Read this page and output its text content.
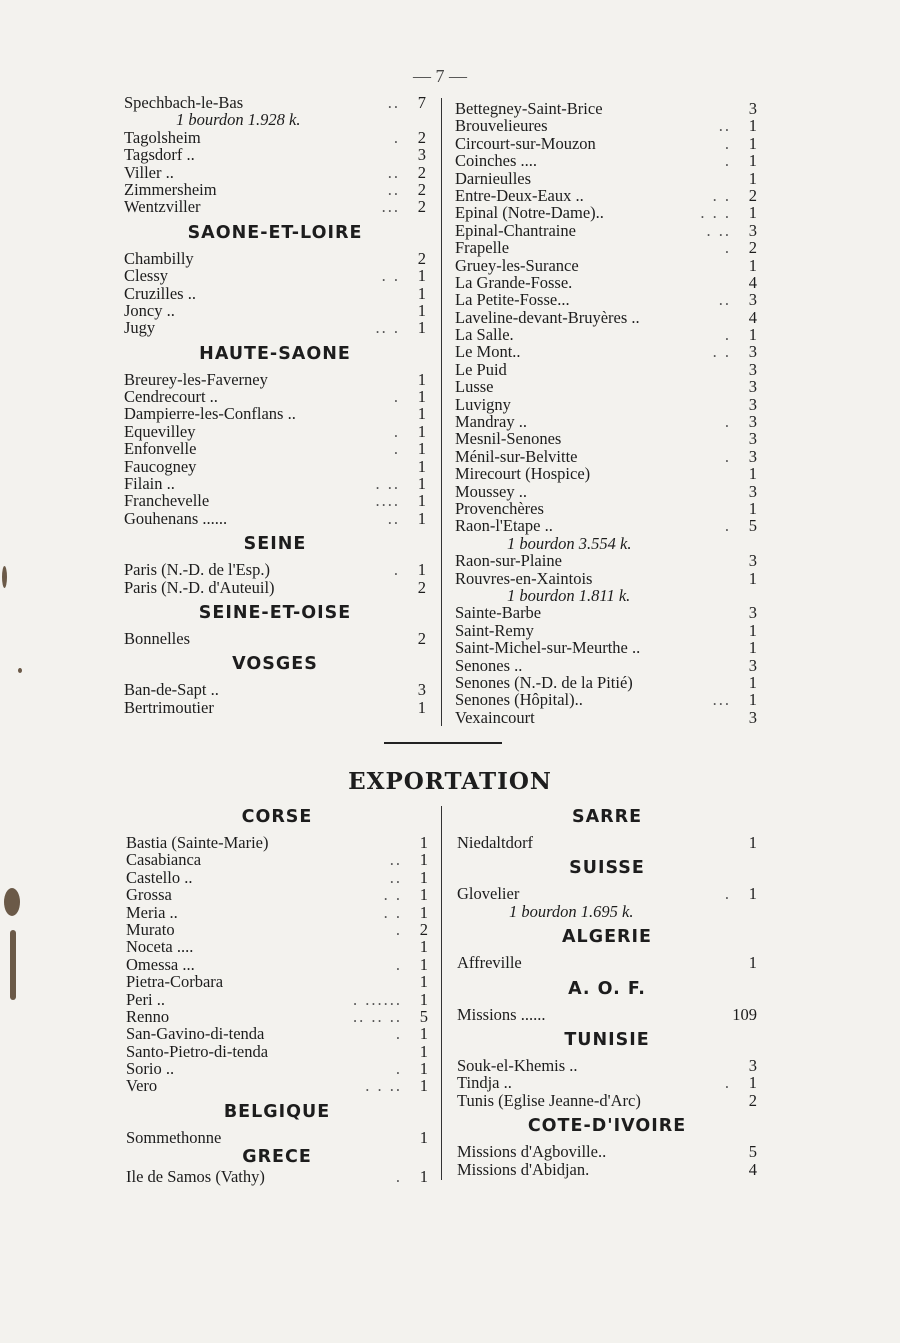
— 7 —
Spechbach-le-Bas	.. 7
1 bourdon 1.928 k.
Tagolsheim	. 2
Tagsdorf ..	3
Viller ..	.. 2
Zimmersheim	.. 2
Wentzviller	... 2
SAONE-ET-LOIRE
Chambilly	2
Clessy	. . 1
Cruzilles ..	1
Joncy ..	1
Jugy	.. . 1
HAUTE-SAONE
Breurey-les-Faverney	1
Cendrecourt ..	. 1
Dampierre-les-Conflans ..	1
Equevilley	. 1
Enfonvelle	. 1
Faucogney	1
Filain ..	. .. 1
Franchevelle	.... 1
Gouhenans ......	.. 1
SEINE
Paris (N.-D. de l'Esp.)	. 1
Paris (N.-D. d'Auteuil)	2
SEINE-ET-OISE
Bonnelles	2
VOSGES
Ban-de-Sapt ..	3
Bertrimoutier	1
Bettegney-Saint-Brice	3
Brouvelieures	.. 1
Circourt-sur-Mouzon	. 1
Coinches ....	. 1
Darnieulles	1
Entre-Deux-Eaux ..	. . 2
Epinal (Notre-Dame)..	. . . 1
Epinal-Chantraine	. .. 3
Frapelle	. 2
Gruey-les-Surance	1
La Grande-Fosse.	4
La Petite-Fosse...	.. 3
Laveline-devant-Bruyères ..	4
La Salle.	. 1
Le Mont..	. . 3
Le Puid	3
Lusse	3
Luvigny	3
Mandray ..	. 3
Mesnil-Senones	3
Ménil-sur-Belvitte	. 3
Mirecourt (Hospice)	1
Moussey ..	3
Provenchères	1
Raon-l'Etape ..	. 5
1 bourdon 3.554 k.
Raon-sur-Plaine	3
Rouvres-en-Xaintois	1
1 bourdon 1.811 k.
Sainte-Barbe	3
Saint-Remy	1
Saint-Michel-sur-Meurthe ..	1
Senones ..	3
Senones (N.-D. de la Pitié)	1
Senones (Hôpital)..	... 1
Vexaincourt	3
EXPORTATION
CORSE
Bastia (Sainte-Marie)	1
Casabianca	.. 1
Castello ..	.. 1
Grossa	. . 1
Meria ..	. . 1
Murato	. 2
Noceta ....	1
Omessa ...	. 1
Pietra-Corbara	1
Peri ..	. ...... 1
Renno	.. .. .. 5
San-Gavino-di-tenda	. 1
Santo-Pietro-di-tenda	1
Sorio ..	. 1
Vero	. . .. 1
BELGIQUE
Sommethonne	1
GRECE
Ile de Samos (Vathy)	. 1
SARRE
Niedaltdorf	1
SUISSE
Glovelier	. 1
1 bourdon 1.695 k.
ALGERIE
Affreville	1
A. O. F.
Missions ......	109
TUNISIE
Souk-el-Khemis ..	3
Tindja ..	. 1
Tunis (Eglise Jeanne-d'Arc)	2
COTE-D'IVOIRE
Missions d'Agboville..	5
Missions d'Abidjan.	4
